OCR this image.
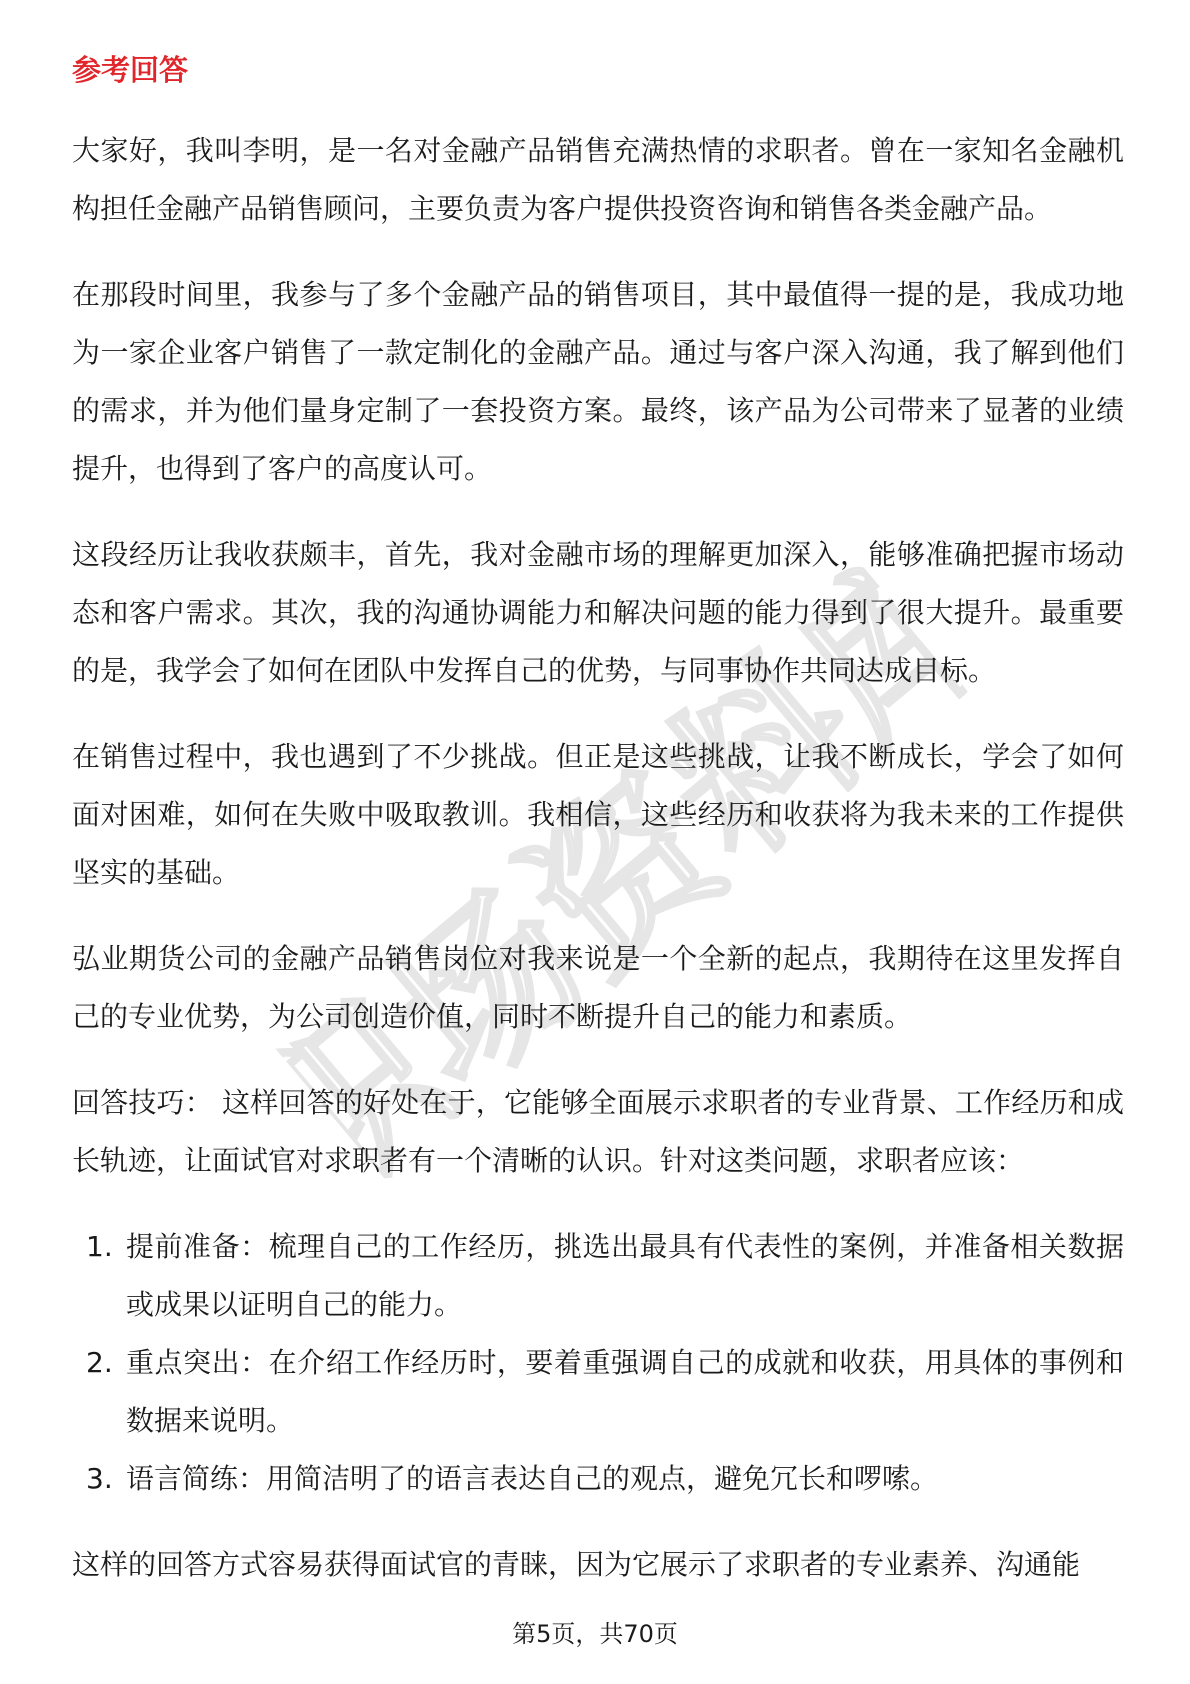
职场资料库
参考回答

大家好，我叫李明，是一名对金融产品销售充满热情的求职者。曾在一家知名金融机构担任金融产品销售顾问，主要负责为客户提供投资咨询和销售各类金融产品。

在那段时间里，我参与了多个金融产品的销售项目，其中最值得一提的是，我成功地为一家企业客户销售了一款定制化的金融产品。通过与客户深入沟通，我了解到他们的需求，并为他们量身定制了一套投资方案。最终，该产品为公司带来了显著的业绩提升，也得到了客户的高度认可。

这段经历让我收获颇丰，首先，我对金融市场的理解更加深入，能够准确把握市场动态和客户需求。其次，我的沟通协调能力和解决问题的能力得到了很大提升。最重要的是，我学会了如何在团队中发挥自己的优势，与同事协作共同达成目标。

在销售过程中，我也遇到了不少挑战。但正是这些挑战，让我不断成长，学会了如何面对困难，如何在失败中吸取教训。我相信，这些经历和收获将为我未来的工作提供坚实的基础。

弘业期货公司的金融产品销售岗位对我来说是一个全新的起点，我期待在这里发挥自己的专业优势，为公司创造价值，同时不断提升自己的能力和素质。

回答技巧： 这样回答的好处在于，它能够全面展示求职者的专业背景、工作经历和成长轨迹，让面试官对求职者有一个清晰的认识。针对这类问题，求职者应该：

1. 提前准备：梳理自己的工作经历，挑选出最具有代表性的案例，并准备相关数据或成果以证明自己的能力。
2. 重点突出：在介绍工作经历时，要着重强调自己的成就和收获，用具体的事例和数据来说明。
3. 语言简练：用简洁明了的语言表达自己的观点，避免冗长和啰嗦。

这样的回答方式容易获得面试官的青睐，因为它展示了求职者的专业素养、沟通能

第5页，共70页
